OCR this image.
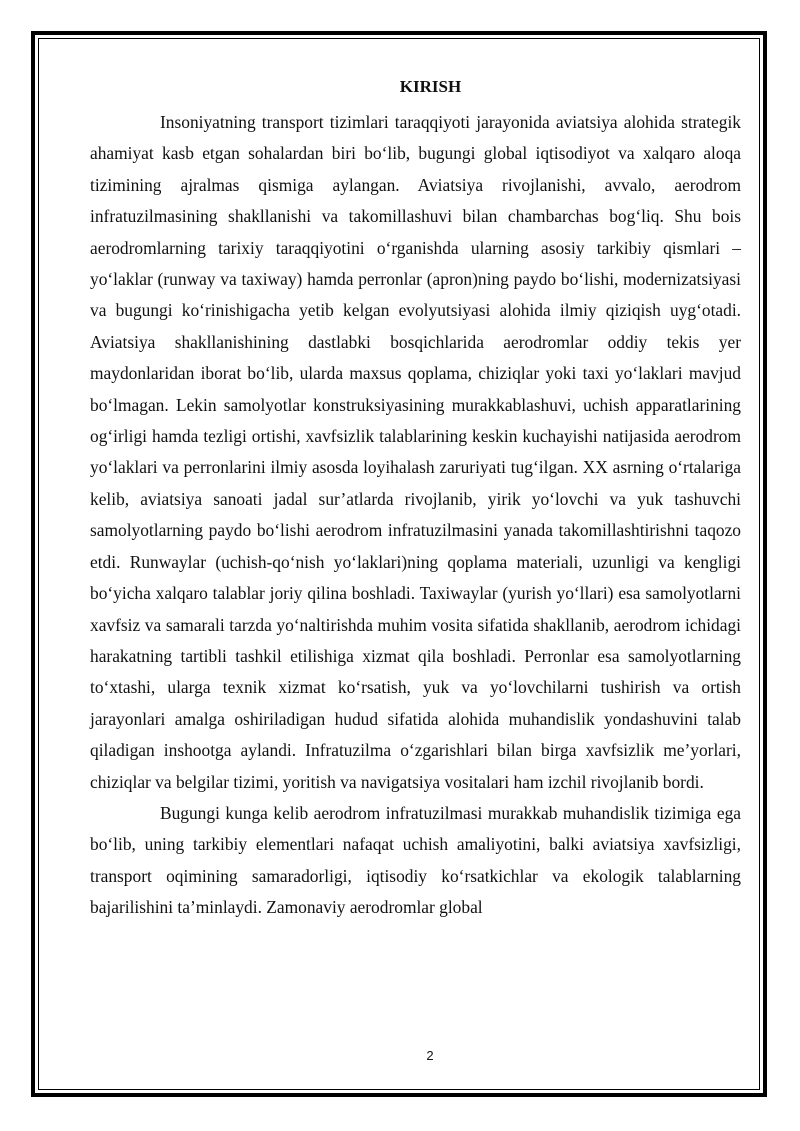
KIRISH

Insoniyatning transport tizimlari taraqqiyoti jarayonida aviatsiya alohida strategik ahamiyat kasb etgan sohalardan biri bo‘lib, bugungi global iqtisodiyot va xalqaro aloqa tizimining ajralmas qismiga aylangan. Aviatsiya rivojlanishi, avvalo, aerodrom infratuzilmasining shakllanishi va takomillashuvi bilan chambarchas bog‘liq. Shu bois aerodromlarning tarixiy taraqqiyotini o‘rganishda ularning asosiy tarkibiy qismlari – yo‘laklar (runway va taxiway) hamda perronlar (apron)ning paydo bo‘lishi, modernizatsiyasi va bugungi ko‘rinishigacha yetib kelgan evolyutsiyasi alohida ilmiy qiziqish uyg‘otadi. Aviatsiya shakllanishining dastlabki bosqichlarida aerodromlar oddiy tekis yer maydonlaridan iborat bo‘lib, ularda maxsus qoplama, chiziqlar yoki taxi yo‘laklari mavjud bo‘lmagan. Lekin samolyotlar konstruksiyasining murakkablashuvi, uchish apparatlarining og‘irligi hamda tezligi ortishi, xavfsizlik talablarining keskin kuchayishi natijasida aerodrom yo‘laklari va perronlarini ilmiy asosda loyihalash zaruriyati tug‘ilgan. XX asrning o‘rtalariga kelib, aviatsiya sanoati jadal sur’atlarda rivojlanib, yirik yo‘lovchi va yuk tashuvchi samolyotlarning paydo bo‘lishi aerodrom infratuzilmasini yanada takomillashtirishni taqozo etdi. Runwaylar (uchish-qo‘nish yo‘laklari)ning qoplama materiali, uzunligi va kengligi bo‘yicha xalqaro talablar joriy qilina boshladi. Taxiwaylar (yurish yo‘llari) esa samolyotlarni xavfsiz va samarali tarzda yo‘naltirishda muhim vosita sifatida shakllanib, aerodrom ichidagi harakatning tartibli tashkil etilishiga xizmat qila boshladi. Perronlar esa samolyotlarning to‘xtashi, ularga texnik xizmat ko‘rsatish, yuk va yo‘lovchilarni tushirish va ortish jarayonlari amalga oshiriladigan hudud sifatida alohida muhandislik yondashuvini talab qiladigan inshootga aylandi. Infratuzilma o‘zgarishlari bilan birga xavfsizlik me’yorlari, chiziqlar va belgilar tizimi, yoritish va navigatsiya vositalari ham izchil rivojlanib bordi.

Bugungi kunga kelib aerodrom infratuzilmasi murakkab muhandislik tizimiga ega bo‘lib, uning tarkibiy elementlari nafaqat uchish amaliyotini, balki aviatsiya xavfsizligi, transport oqimining samaradorligi, iqtisodiy ko‘rsatkichlar va ekologik talablarning bajarilishini ta’minlaydi. Zamonaviy aerodromlar global

2
